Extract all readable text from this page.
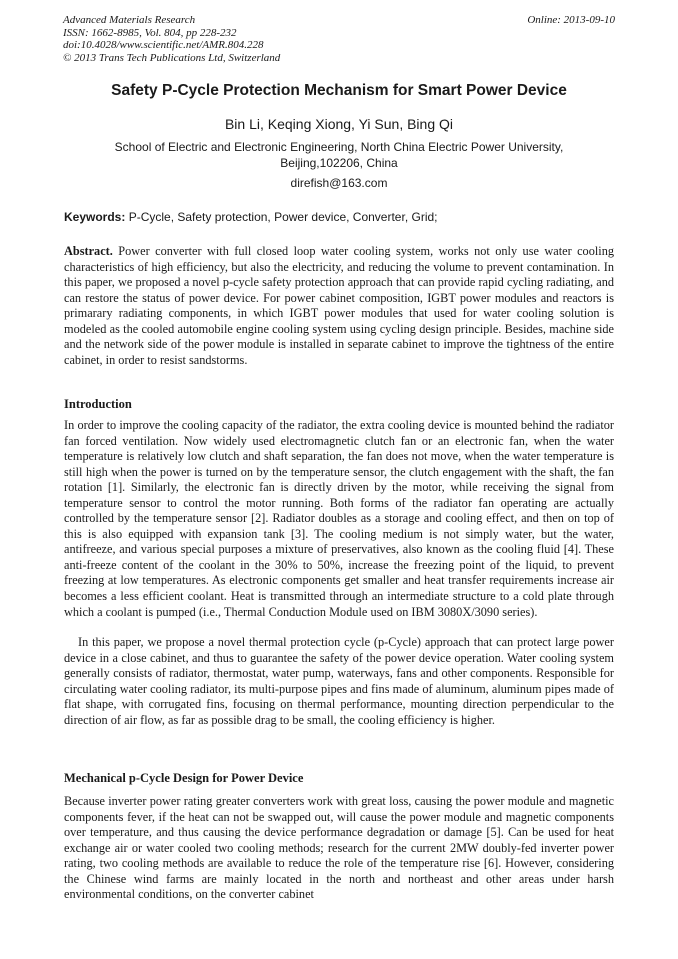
Advanced Materials Research
ISSN: 1662-8985, Vol. 804, pp 228-232
doi:10.4028/www.scientific.net/AMR.804.228
© 2013 Trans Tech Publications Ltd, Switzerland
Online: 2013-09-10
Safety P-Cycle Protection Mechanism for Smart Power Device
Bin Li, Keqing Xiong, Yi Sun, Bing Qi
School of Electric and Electronic Engineering, North China Electric Power University, Beijing,102206, China
direfish@163.com
Keywords: P-Cycle, Safety protection, Power device, Converter, Grid;
Abstract. Power converter with full closed loop water cooling system, works not only use water cooling characteristics of high efficiency, but also the electricity, and reducing the volume to prevent contamination. In this paper, we proposed a novel p-cycle safety protection approach that can provide rapid cycling radiating, and can restore the status of power device. For power cabinet composition, IGBT power modules and reactors is primarary radiating components, in which IGBT power modules that used for water cooling solution is modeled as the cooled automobile engine cooling system using cycling design principle. Besides, machine side and the network side of the power module is installed in separate cabinet to improve the tightness of the entire cabinet, in order to resist sandstorms.
Introduction

In order to improve the cooling capacity of the radiator, the extra cooling device is mounted behind the radiator fan forced ventilation. Now widely used electromagnetic clutch fan or an electronic fan, when the water temperature is relatively low clutch and shaft separation, the fan does not move, when the water temperature is still high when the power is turned on by the temperature sensor, the clutch engagement with the shaft, the fan rotation [1]. Similarly, the electronic fan is directly driven by the motor, while receiving the signal from temperature sensor to control the motor running. Both forms of the radiator fan operating are actually controlled by the temperature sensor [2]. Radiator doubles as a storage and cooling effect, and then on top of this is also equipped with expansion tank [3]. The cooling medium is not simply water, but the water, antifreeze, and various special purposes a mixture of preservatives, also known as the cooling fluid [4]. These anti-freeze content of the coolant in the 30% to 50%, increase the freezing point of the liquid, to prevent freezing at low temperatures. As electronic components get smaller and heat transfer requirements increase air becomes a less efficient coolant. Heat is transmitted through an intermediate structure to a cold plate through which a coolant is pumped (i.e., Thermal Conduction Module used on IBM 3080X/3090 series).

In this paper, we propose a novel thermal protection cycle (p-Cycle) approach that can protect large power device in a close cabinet, and thus to guarantee the safety of the power device operation. Water cooling system generally consists of radiator, thermostat, water pump, waterways, fans and other components. Responsible for circulating water cooling radiator, its multi-purpose pipes and fins made of aluminum, aluminum pipes made of flat shape, with corrugated fins, focusing on thermal performance, mounting direction perpendicular to the direction of air flow, as far as possible drag to be small, the cooling efficiency is higher.

Mechanical p-Cycle Design for Power Device

Because inverter power rating greater converters work with great loss, causing the power module and magnetic components fever, if the heat can not be swapped out, will cause the power module and magnetic components over temperature, and thus causing the device performance degradation or damage [5]. Can be used for heat exchange air or water cooled two cooling methods; research for the current 2MW doubly-fed inverter power rating, two cooling methods are available to reduce the role of the temperature rise [6]. However, considering the Chinese wind farms are mainly located in the north and northeast and other areas under harsh environmental conditions, on the converter cabinet
